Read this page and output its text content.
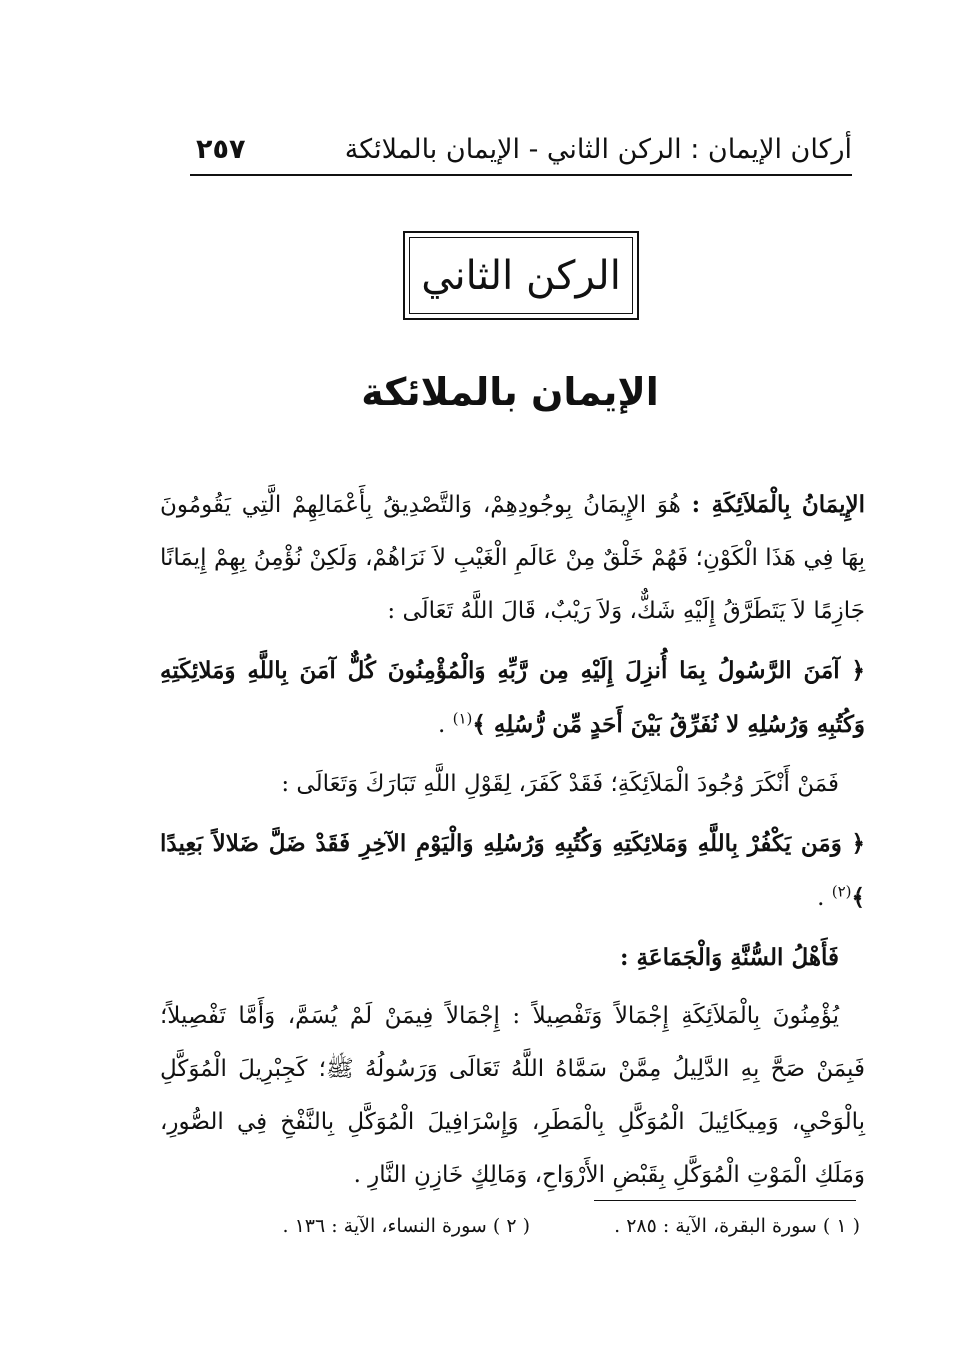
أركان الإيمان : الركن الثاني - الإيمان بالملائكة
٢٥٧
الركن الثاني
الإيمان بالملائكة

الإِيمَانُ بِالْمَلاَئِكَةِ : هُوَ الإِيمَانُ بِوجُودِهِمْ، وَالتَّصْدِيقُ بِأَعْمَالِهِمْ الَّتِي يَقُومُونَ بِهَا فِي هَذَا الْكَوْنِ؛ فَهُمْ خَلْقٌ مِنْ عَالَمِ الْغَيْبِ لاَ نَرَاهُمْ، وَلَكِنْ نُؤْمِنُ بِهِمْ إِيمَانًا جَازِمًا لاَ يَتَطَرَّقُ إِلَيْهِ شَكٌّ، وَلاَ رَيْبٌ، قَالَ اللَّهُ تَعَالَى :

﴿ آمَنَ الرَّسُولُ بِمَا أُنزِلَ إِلَيْهِ مِن رَّبِّهِ وَالْمُؤْمِنُونَ كُلٌّ آمَنَ بِاللَّهِ وَمَلائِكَتِهِ وَكُتُبِهِ وَرُسُلِهِ لا نُفَرِّقُ بَيْنَ أَحَدٍ مِّن رُّسُلِهِ ﴾$^{(١)}$ .

فَمَنْ أَنْكَرَ وُجُودَ الْمَلاَئِكَةِ؛ فَقَدْ كَفَرَ، لِقَوْلِ اللَّهِ تَبَارَكَ وَتَعَالَى :

﴿ وَمَن يَكْفُرْ بِاللَّهِ وَمَلائِكَتِهِ وَكُتُبِهِ وَرُسُلِهِ وَالْيَوْمِ الآخِرِ فَقَدْ ضَلَّ ضَلالاً بَعِيدًا ﴾$^{(٢)}$ .

فَأَهْلُ السُّنَّةِ وَالْجَمَاعَةِ :

يُؤْمِنُونَ بِالْمَلاَئِكَةِ إِجْمَالاً وَتَفْصِيلاً : إِجْمَالاً فِيمَنْ لَمْ يُسَمَّ، وَأَمَّا تَفْصِيلاً؛ فَبِمَنْ صَحَّ بِهِ الدَّلِيلُ مِمَّنْ سَمَّاهُ اللَّهُ تَعَالَى وَرَسُولُهُ ﷺ؛ كَجِبْرِيلَ الْمُوَكَّلِ بِالْوَحْيِ، وَمِيكَائِيلَ الْمُوَكَّلِ بِالْمَطَرِ، وَإِسْرَافِيلَ الْمُوَكَّلِ بِالنَّفْخِ فِي الصُّورِ، وَمَلَكِ الْمَوْتِ الْمُوَكَّلِ بِقَبْضِ الأَرْوَاحِ، وَمَالِكٍ خَازِنِ النَّارِ .

( ١ ) سورة البقرة، الآية : ٢٨٥ .
( ٢ ) سورة النساء، الآية : ١٣٦ .
